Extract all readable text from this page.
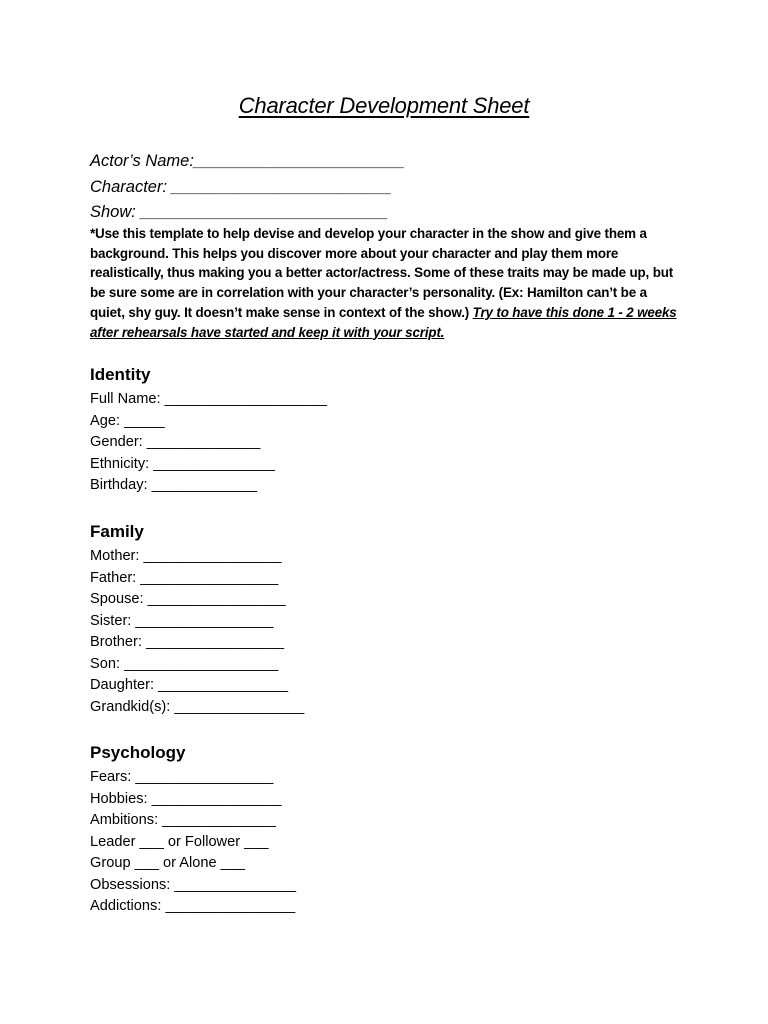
Character Development Sheet
Actor’s Name:_______________________
Character: ________________________
Show: ___________________________
*Use this template to help devise and develop your character in the show and give them a background. This helps you discover more about your character and play them more realistically, thus making you a better actor/actress. Some of these traits may be made up, but be sure some are in correlation with your character’s personality. (Ex: Hamilton can’t be a quiet, shy guy. It doesn’t make sense in context of the show.) Try to have this done 1 - 2 weeks after rehearsals have started and keep it with your script.
Identity
Full Name: ____________________
Age: _____
Gender: ______________
Ethnicity: _______________
Birthday: _____________
Family
Mother: _________________
Father: _________________
Spouse: _________________
Sister: _________________
Brother: _________________
Son: ___________________
Daughter: ________________
Grandkid(s): ________________
Psychology
Fears: _________________
Hobbies: ________________
Ambitions: ______________
Leader ___ or Follower ___
Group ___ or Alone ___
Obsessions: _______________
Addictions: ________________
